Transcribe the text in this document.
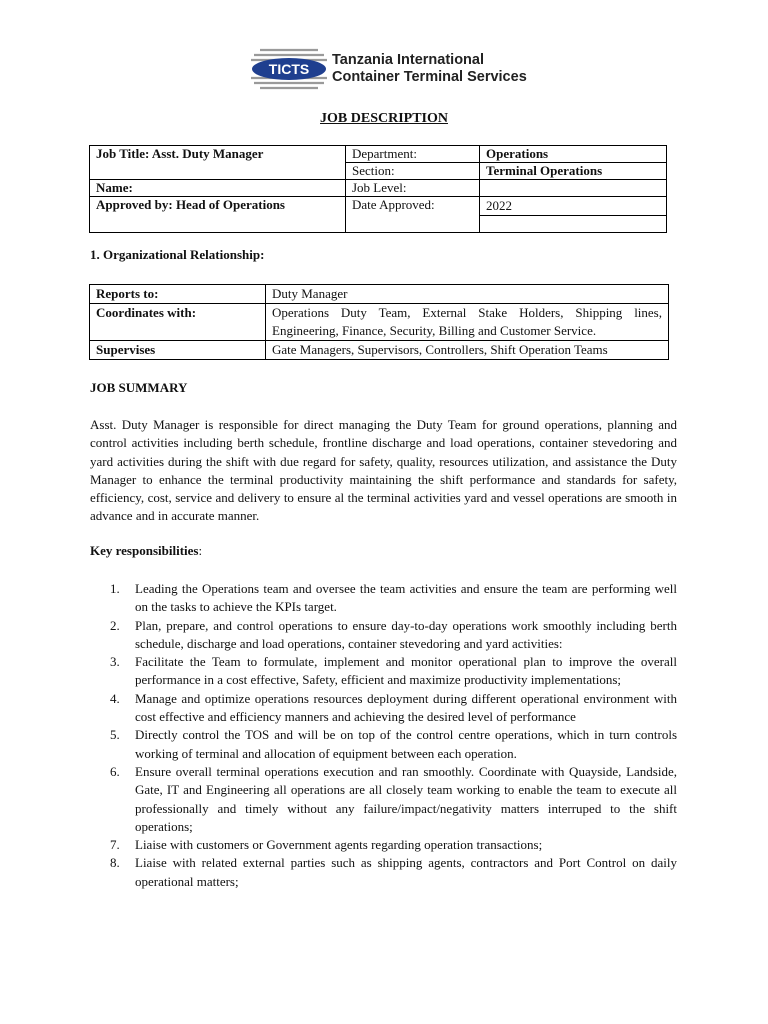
TICTS
Tanzania International
Container Terminal Services
JOB DESCRIPTION
Job Title: Asst. Duty Manager	Department:	Operations
	Section:	Terminal Operations
Name:	Job Level:	
Approved by: Head of Operations	Date Approved:	2022

1. Organizational Relationship:
Reports to:	Duty Manager
Coordinates with:	Operations Duty Team, External Stake Holders, Shipping lines, Engineering, Finance, Security, Billing and Customer Service.
Supervises	Gate Managers, Supervisors, Controllers, Shift Operation Teams
JOB SUMMARY

Asst. Duty Manager is responsible for direct managing the Duty Team for ground operations, planning and control activities including berth schedule, frontline discharge and load operations, container stevedoring and yard activities during the shift with due regard for safety, quality, resources utilization, and assistance the Duty Manager to enhance the terminal productivity maintaining the shift performance and standards for safety, efficiency, cost, service and delivery to ensure al the terminal activities yard and vessel operations are smooth in advance and in accurate manner.

Key responsibilities:
1. Leading the Operations team and oversee the team activities and ensure the team are performing well on the tasks to achieve the KPIs target.
2. Plan, prepare, and control operations to ensure day-to-day operations work smoothly including berth schedule, discharge and load operations, container stevedoring and yard activities:
3. Facilitate the Team to formulate, implement and monitor operational plan to improve the overall performance in a cost effective, Safety, efficient and maximize productivity implementations;
4. Manage and optimize operations resources deployment during different operational environment with cost effective and efficiency manners and achieving the desired level of performance
5. Directly control the TOS and will be on top of the control centre operations, which in turn controls working of terminal and allocation of equipment between each operation.
6. Ensure overall terminal operations execution and ran smoothly. Coordinate with Quayside, Landside, Gate, IT and Engineering all operations are all closely team working to enable the team to execute all professionally and timely without any failure/impact/negativity matters interruped to the shift operations;
7. Liaise with customers or Government agents regarding operation transactions;
8. Liaise with related external parties such as shipping agents, contractors and Port Control on daily operational matters;
